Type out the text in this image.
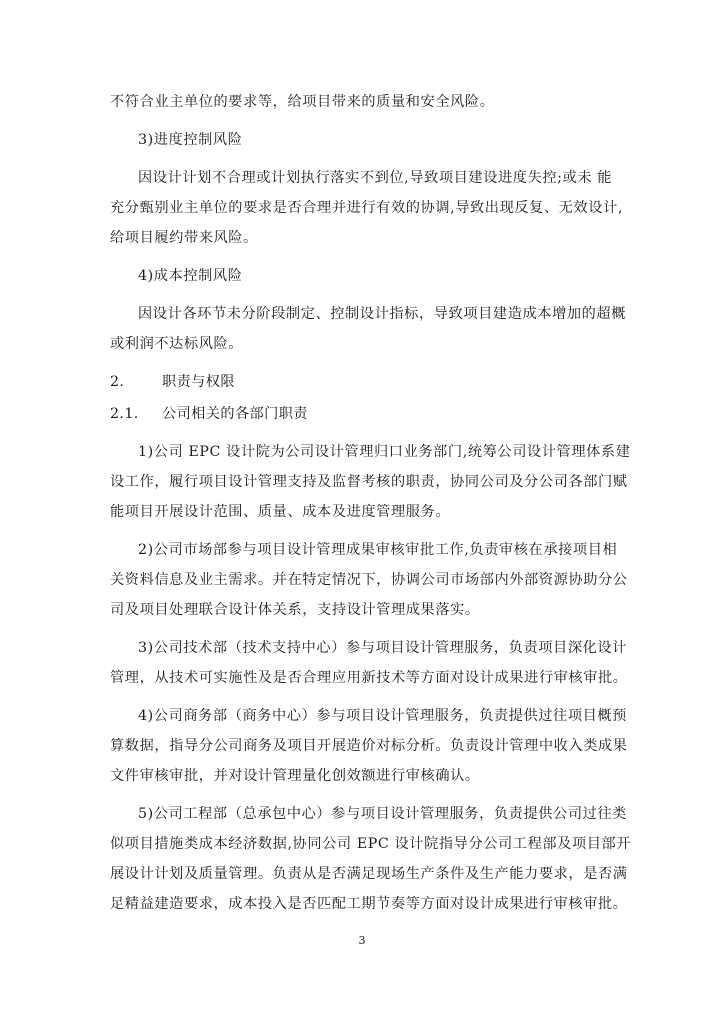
不符合业主单位的要求等，给项目带来的质量和安全风险。
3)进度控制风险
因设计计划不合理或计划执行落实不到位,导致项目建设进度失控;或未 能
充分甄别业主单位的要求是否合理并进行有效的协调,导致出现反复、无效设计,
给项目履约带来风险。
4)成本控制风险
因设计各环节未分阶段制定、控制设计指标，导致项目建造成本增加的超概
或利润不达标风险。
2.	职责与权限
2.1. 公司相关的各部门职责
1)公司 EPC 设计院为公司设计管理归口业务部门,统筹公司设计管理体系建
设工作，履行项目设计管理支持及监督考核的职责，协同公司及分公司各部门赋
能项目开展设计范围、质量、成本及进度管理服务。
2)公司市场部参与项目设计管理成果审核审批工作,负责审核在承接项目相
关资料信息及业主需求。并在特定情况下，协调公司市场部内外部资源协助分公
司及项目处理联合设计体关系，支持设计管理成果落实。
3)公司技术部（技术支持中心）参与项目设计管理服务，负责项目深化设计
管理，从技术可实施性及是否合理应用新技术等方面对设计成果进行审核审批。
4)公司商务部（商务中心）参与项目设计管理服务，负责提供过往项目概预
算数据，指导分公司商务及项目开展造价对标分析。负责设计管理中收入类成果
文件审核审批，并对设计管理量化创效额进行审核确认。
5)公司工程部（总承包中心）参与项目设计管理服务，负责提供公司过往类
似项目措施类成本经济数据,协同公司 EPC 设计院指导分公司工程部及项目部开
展设计计划及质量管理。负责从是否满足现场生产条件及生产能力要求，是否满
足精益建造要求，成本投入是否匹配工期节奏等方面对设计成果进行审核审批。
3
